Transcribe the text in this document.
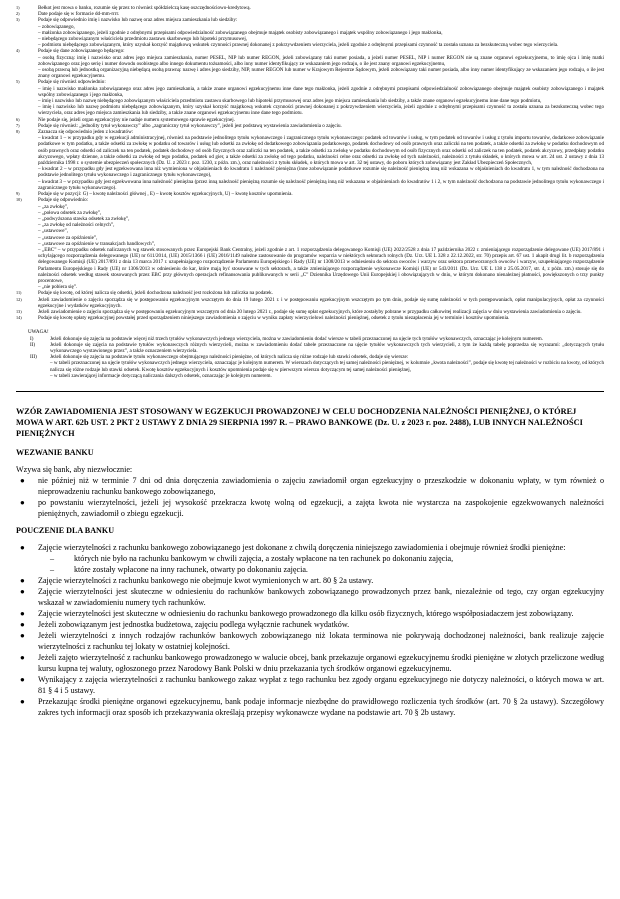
1)	Bełkot jest mowa o banku, rozumie się przez to również spółdzielczą kasę oszczędnościowo-kredytową.
2)	Date podaje się w formacie dd-mm-rrrr.
3)	Podaje się odpowiednio imię i nazwisko lub nazwę oraz adres miejsca zamieszkania lub siedziby:
– zobowiązanego,
– małżonka zobowiązanego, jeżeli zgodnie z odrębnymi przepisami odpowiedzialność zobowiązanego obejmuje majątek osobisty zobowiązanego i majątek wspólny zobowiązanego i jego małżonka,
– niebędącego zobowiązanym właściciela przedmiotu zastawu skarbowego lub hipoteki przymusowej,
– podmiotu niebędącego zobowiązanym, który uzyskał korzyść majątkową wskutek czynności prawnej dokonanej z pokrzywdzeniem wierzyciela, jeżeli zgodnie z odrębnymi przepisami czynność ta została uznana za bezskuteczną wobec tego wierzyciela.
4)	Podaje się dane zobowiązanego będącego:
– osobą fizyczną: imię i nazwisko oraz adres jego miejsca zamieszkania, numer PESEL, NIP lub numer REGON, jeżeli zobowiązany taki numer posiada, a jeżeli numer PESEL, NIP i numer REGON nie są znane organowi egzekucyjnemu, to imię ojca i imię matki zobowiązanego oraz jego serię i numer dowodu osobistego albo innego dokumentu tożsamości, albo inny numer identyfikujący ze wskazaniem jego rodzaju, o ile jest znany organowi egzekucyjnemu,
– osobą prawną lub jednostką organizacyjną niebędącą osobą prawną: nazwę i adres jego siedziby, NIP, numer REGON lub numer w Krajowym Rejestrze Sądowym, jeżeli zobowiązany taki numer posiada, albo inny numer identyfikujący ze wskazaniem jego rodzaju, o ile jest znany organowi egzekucyjnemu.
5)	Podaje się również odpowiednio:
– imię i nazwisko małżonka zobowiązanego oraz adres jego zamieszkania, a także znane organowi egzekucyjnemu inne dane tego małżonka, jeżeli zgodnie z odrębnymi przepisami odpowiedzialność zobowiązanego obejmuje majątek osobisty zobowiązanego i majątek wspólny zobowiązanego i jego małżonka,
– imię i nazwisko lub nazwę niebędącego zobowiązanym właściciela przedmiotu zastawu skarbowego lub hipoteki przymusowej oraz adres jego miejsca zamieszkania lub siedziby, a także znane organowi egzekucyjnemu inne dane tego podmiotu,
– imię i nazwisko lub nazwę podmiotu niebędącego zobowiązanym, który uzyskał korzyść majątkową wskutek czynności prawnej dokonanej z pokrzywdzeniem wierzyciela, jeżeli zgodnie z odrębnymi przepisami czynność ta została uznana za bezskuteczną wobec tego wierzyciela, oraz adres jego miejsca zamieszkania lub siedziby, a także znane organowi egzekucyjnemu inne dane tego podmiotu.
6)	Nie podaje się, jeżeli organ egzekucyjny nie nadaje numeru systemowego sprawie egzekucyjnej.
7)	Podaje się również: „jednolity tytuł wykonawczy” albo „zagraniczny tytuł wykonawczy”, jeżeli jest podstawą wystawienia zawiadomienia o zajęciu.
8)	Zaznacza się odpowiednio jeden z kwadratów:
– kwadrat 1 – w przypadku gdy w egzekucji administracyjnej, również na podstawie jednolitego tytułu wykonawczego i zagranicznego tytułu wykonawczego: podatek od towarów i usług, w tym podatek od towarów i usług z tytułu importu towarów, dodatkowe zobowiązanie podatkowe w tym podatku, a także odsetki za zwłokę w podatku od towarów i usług lub odsetki za zwłokę od dodatkowego zobowiązania podatkowego, podatek dochodowy od osób prawnych oraz zaliczki na ten podatek, a także odsetki za zwłokę w podatku dochodowym od osób prawnych oraz odsetki od zaliczek na ten podatek, podatek dochodowy od osób fizycznych oraz zaliczki na ten podatek, a także odsetki za zwłokę w podatku dochodowym od osób fizycznych oraz odsetki od zaliczek na ten podatek, podatek akcyzowy, przedpłaty podatku akcyzowego, wpłaty dzienne, a także odsetki za zwłokę od tego podatku, podatek od gier, a także odsetki za zwłokę od tego podatku, należności celne oraz odsetki za zwłokę od tych należności, należności z tytułu składek, o których mowa w art. 24 ust. 2 ustawy z dnia 13 października 1998 r. o systemie ubezpieczeń społecznych (Dz. U. z 2023 r. poz. 1230, z późn. zm.), oraz należności z tytułu składek, o których mowa w art. 32 tej ustawy, do poboru których zobowiązany jest Zakład Ubezpieczeń Społecznych,
– kwadrat 2 – w przypadku gdy jest egzekwowana inna niż wymieniona w objaśnieniach do kwadratu 1 należność pieniężna (inne zobowiązanie podatkowe rozumie się należność pieniężną inną niż wskazana w objaśnieniach do kwadratu 1, w tym należność dochodzona na podstawie jednolitego tytułu wykonawczego i zagranicznego tytułu wykonawczego),
– kwadrat 3 – w przypadku gdy jest egzekwowana inna należność pieniężna (przez inną należność pieniężną rozumie się należność pieniężną inną niż wskazana w objaśnieniach do kwadratów 1 i 2, w tym należność dochodzona na podstawie jednolitego tytułu wykonawczego i zagranicznego tytułu wykonawczego).
9)	Podaje się w pozycji: G) – kwotę należności głównej , E) – kwotę kosztów egzekucyjnych, U) – kwotę kosztów upomnienia.
10)	Podaje się odpowiednio:
– „za zwłokę”,
– „połowa odsetek za zwłokę”,
– „podwyższona stawka odsetek za zwłokę”,
– „za zwłokę od należności celnych”,
– „ustawowe”,
– „ustawowe za opóźnienie”,
– „ustawowe za opóźnienie w transakcjach handlowych”,
– „EBC” – w przypadku odsetek naliczanych wg stawek stosowanych przez Europejski Bank Centralny, jeżeli zgodnie z art. 1 rozporządzenia delegowanego Komisji (UE) 2022/2528 z dnia 17 października 2022 r. zmieniającego rozporządzenie delegowane (UE) 2017/891 i uchylającego rozporządzenia delegowanego (UE) nr 611/2014, (UE) 2015/1366 i (UE) 2016/1149 należne zastosowanie do programów wsparcia w niektórych sektorach rolnych (Dz. Urz. UE L 328 z 22.12.2022, str. 70) przepis art. 67 ust. 1 akapit drugi lit. b rozporządzenia delegowanego Komisji (UE) 2017/891 z dnia 13 marca 2017 r. uzupełniającego rozporządzenie Parlamentu Europejskiego i Rady (UE) nr 1308/2013 w odniesieniu do sektora owoców i warzyw oraz sektora przetworzonych owoców i warzyw, uzupełniającego rozporządzenie Parlamentu Europejskiego i Rady (UE) nr 1306/2013 w odniesieniu do kar, które mają być stosowane w tych sektorach, a także zmieniającego rozporządzenie wykonawcze Komisji (UE) nr 543/2011 (Dz. Urz. UE L 138 z 25.05.2017, str. 4, z późn. zm.) stosuje się do należności odsetek według stawek stosowanych przez EBC przy głównych operacjach refinansowania publikowanych w serii „C” Dziennika Urzędowego Unii Europejskiej i obowiązujących w dniu, w którym dokonano nienależnej płatności, powiększonych o trzy punkty procentowe,
– „nie pobiera się”.
11)	Podaje się kwotę, od której nalicza się odsetki, jeżeli dochodzona należność jest rozłożona lub zaliczka na podatek.
12)	Jeżeli zawiadomienie o zajęciu sporządza się w postępowaniu egzekucyjnym wszczętym do dnia 19 lutego 2021 r. i w postępowaniu egzekucyjnym wszczętym po tym dniu, podaje się sumę należności w tych postępowaniach, opłat manipulacyjnych, opłat za czynności egzekucyjne i wydatków egzekucyjnych.
13)	Jeżeli zawiadomienie o zajęciu sporządza się w postępowaniu egzekucyjnym wszczętym od dnia 20 lutego 2021 r., podaje się sumę opłat egzekucyjnych, które zostałyby pobrane w przypadku całkowitej realizacji zajęcia w dniu wystawienia zawiadomienia o zajęciu.
14)	Podaje się kwotę opłaty egzekucyjnej powstałej przed sporządzeniem niniejszego zawiadomienia o zajęciu w wyniku zapłaty wierzycielowi należności pieniężnej, odsetek z tytułu niezapłacenia jej w terminie i kosztów upomnienia.
UWAGA!
I)	Jeżeli dokonuje się zajęcia na podstawie więcej niż trzech tytułów wykonawczych jednego wierzyciela, można w zawiadomieniu dodać wiersze w tabeli przeznaczonej na ujęcie tych tytułów wykonawczych, oznaczając je kolejnym numerem.
II)	Jeżeli dokonuje się zajęcia na podstawie tytułów wykonawczych różnych wierzycieli, można w zawiadomieniu dodać tabele przeznaczone na ujęcie tytułów wykonawczych tych wierzycieli, z tym że każdą tabelę poprzedza się wyrazami: „dotyczących tytułu wykonawczego wystawionego przez”, a także oznaczeniem wierzyciela.
III)	Jeżeli dokonuje się zajęcia na podstawie tytułu wykonawczego obejmującego należności pieniężne, od których nalicza się różne rodzaje lub stawki odsetek, dodaje się wiersze:
– w tabeli przeznaczonej na ujęcie tytułów wykonawczych jednego wierzyciela, oznaczając je kolejnym numerem. W wierszach dotyczących tej samej należności pieniężnej, w kolumnie „kwota należności”, podaje się kwotę tej należności w rozbiciu na kwoty, od których nalicza się różne rodzaje lub stawki odsetek. Kwotę kosztów egzekucyjnych i kosztów upomnienia podaje się w pierwszym wierszu dotyczącym tej samej należności pieniężnej,
– w tabeli zawierającej informacje dotyczącą naliczania dalszych odsetek, oznaczając je kolejnym numerem.

WZÓR ZAWIADOMIENIA JEST STOSOWANY W EGZEKUCJI PROWADZONEJ W CELU DOCHODZENIA NALEŻNOŚCI PIENIĘŻNEJ, O KTÓREJ MOWA W ART. 62b UST. 2 PKT 2 USTAWY Z DNIA 29 SIERPNIA 1997 R. – PRAWO BANKOWE (Dz. U. z 2023 r. poz. 2488), LUB INNYCH NALEŻNOŚCI PIENIĘŻNYCH

WEZWANIE BANKU

Wzywa się bank, aby niezwłocznie:

●	nie później niż w terminie 7 dni od dnia doręczenia zawiadomienia o zajęciu zawiadomił organ egzekucyjny o przeszkodzie w dokonaniu wpłaty, w tym również o nieprowadzeniu rachunku bankowego zobowiązanego,
●	po powstaniu wierzytelności, jeżeli jej wysokość przekracza kwotę wolną od egzekucji, a zajęta kwota nie wystarcza na zaspokojenie egzekwowanych należności pieniężnych, zawiadomił o zbiegu egzekucji.

POUCZENIE DLA BANKU

●	Zajęcie wierzytelności z rachunku bankowego zobowiązanego jest dokonane z chwilą doręczenia niniejszego zawiadomienia i obejmuje również środki pieniężne:
–	których nie było na rachunku bankowym w chwili zajęcia, a zostały wpłacone na ten rachunek po dokonaniu zajęcia,
–	które zostały wpłacone na inny rachunek, otwarty po dokonaniu zajęcia.
●	Zajęcie wierzytelności z rachunku bankowego nie obejmuje kwot wymienionych w art. 80 § 2a ustawy.
●	Zajęcie wierzytelności jest skuteczne w odniesieniu do rachunków bankowych zobowiązanego prowadzonych przez bank, niezależnie od tego, czy organ egzekucyjny wskazał w zawiadomieniu numery tych rachunków.
●	Zajęcie wierzytelności jest skuteczne w odniesieniu do rachunku bankowego prowadzonego dla kilku osób fizycznych, którego współposiadaczem jest zobowiązany.
●	Jeżeli zobowiązanym jest jednostka budżetowa, zajęciu podlega wyłącznie rachunek wydatków.
●	Jeżeli wierzytelności z innych rodzajów rachunków bankowych zobowiązanego niż lokata terminowa nie pokrywają dochodzonej należności, bank realizuje zajęcie wierzytelności z rachunku tej lokaty w ostatniej kolejności.
●	Jeżeli zajęto wierzytelność z rachunku bankowego prowadzonego w walucie obcej, bank przekazuje organowi egzekucyjnemu środki pieniężne w złotych przeliczone według kursu kupna tej waluty, ogłoszonego przez Narodowy Bank Polski w dniu przekazania tych środków organowi egzekucyjnemu.
●	Wynikający z zajęcia wierzytelności z rachunku bankowego zakaz wypłat z tego rachunku bez zgody organu egzekucyjnego nie dotyczy należności, o których mowa w art. 81 § 4 i 5 ustawy.
●	Przekazując środki pieniężne organowi egzekucyjnemu, bank podaje informacje niezbędne do prawidłowego rozliczenia tych środków (art. 70 § 2a ustawy). Szczegółowy zakres tych informacji oraz sposób ich przekazywania określają przepisy wykonawcze wydane na podstawie art. 70 § 2b ustawy.
